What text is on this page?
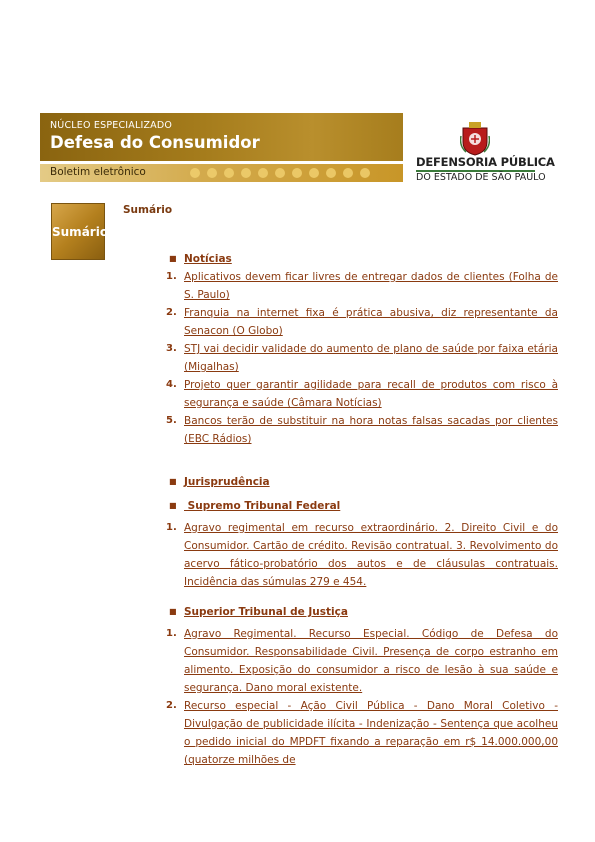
NÚCLEO ESPECIALIZADO
Defesa do Consumidor
Boletim eletrônico
DEFENSORIA PÚBLICA
DO ESTADO DE SÃO PAULO
Sumário
Sumário
■ Notícias
1. Aplicativos devem ficar livres de entregar dados de clientes (Folha de S. Paulo)
2. Franquia na internet fixa é prática abusiva, diz representante da Senacon (O Globo)
3. STJ vai decidir validade do aumento de plano de saúde por faixa etária (Migalhas)
4. Projeto quer garantir agilidade para recall de produtos com risco à segurança e saúde (Câmara Notícias)
5. Bancos terão de substituir na hora notas falsas sacadas por clientes (EBC Rádios)
■ Jurisprudência
■ Supremo Tribunal Federal
1. Agravo regimental em recurso extraordinário. 2. Direito Civil e do Consumidor. Cartão de crédito. Revisão contratual. 3. Revolvimento do acervo fático-probatório dos autos e de cláusulas contratuais. Incidência das súmulas 279 e 454.
■ Superior Tribunal de Justiça
1. Agravo Regimental. Recurso Especial. Código de Defesa do Consumidor. Responsabilidade Civil. Presença de corpo estranho em alimento. Exposição do consumidor a risco de lesão à sua saúde e segurança. Dano moral existente.
2. Recurso especial - Ação Civil Pública - Dano Moral Coletivo - Divulgação de publicidade ilícita - Indenização - Sentença que acolheu o pedido inicial do MPDFT fixando a reparação em r$ 14.000.000,00 (quatorze milhões de
